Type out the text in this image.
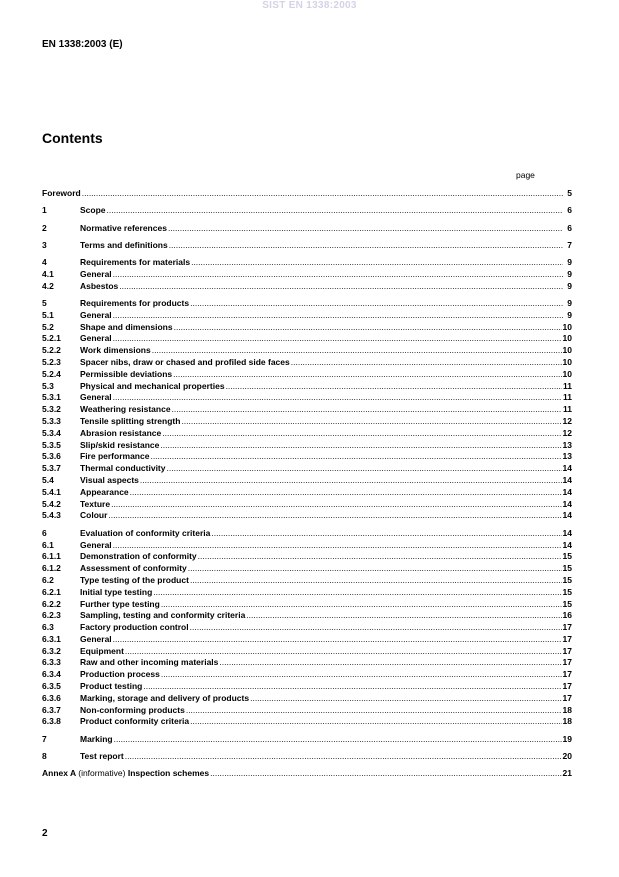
SIST EN 1338:2003
EN 1338:2003 (E)
Contents
page
Foreword .....	5
1	Scope .....	6
2	Normative references .....	6
3	Terms and definitions .....	7
4	Requirements for materials .....	9
4.1	General .....	9
4.2	Asbestos .....	9
5	Requirements for products .....	9
5.1	General .....	9
5.2	Shape and dimensions .....	10
5.2.1	General .....	10
5.2.2	Work dimensions .....	10
5.2.3	Spacer nibs, draw or chased and profiled side faces .....	10
5.2.4	Permissible deviations .....	10
5.3	Physical and mechanical properties .....	11
5.3.1	General .....	11
5.3.2	Weathering resistance .....	11
5.3.3	Tensile splitting strength .....	12
5.3.4	Abrasion resistance .....	12
5.3.5	Slip/skid resistance .....	13
5.3.6	Fire performance .....	13
5.3.7	Thermal conductivity .....	14
5.4	Visual aspects .....	14
5.4.1	Appearance .....	14
5.4.2	Texture .....	14
5.4.3	Colour .....	14
6	Evaluation of conformity criteria .....	14
6.1	General .....	14
6.1.1	Demonstration of conformity .....	15
6.1.2	Assessment of conformity .....	15
6.2	Type testing of the product .....	15
6.2.1	Initial type testing .....	15
6.2.2	Further type testing .....	15
6.2.3	Sampling, testing and conformity criteria .....	16
6.3	Factory production control .....	17
6.3.1	General .....	17
6.3.2	Equipment .....	17
6.3.3	Raw and other incoming materials .....	17
6.3.4	Production process .....	17
6.3.5	Product testing .....	17
6.3.6	Marking, storage and delivery of products .....	17
6.3.7	Non-conforming products .....	18
6.3.8	Product conformity criteria .....	18
7	Marking .....	19
8	Test report .....	20
Annex A (informative) Inspection schemes .....	21
2
